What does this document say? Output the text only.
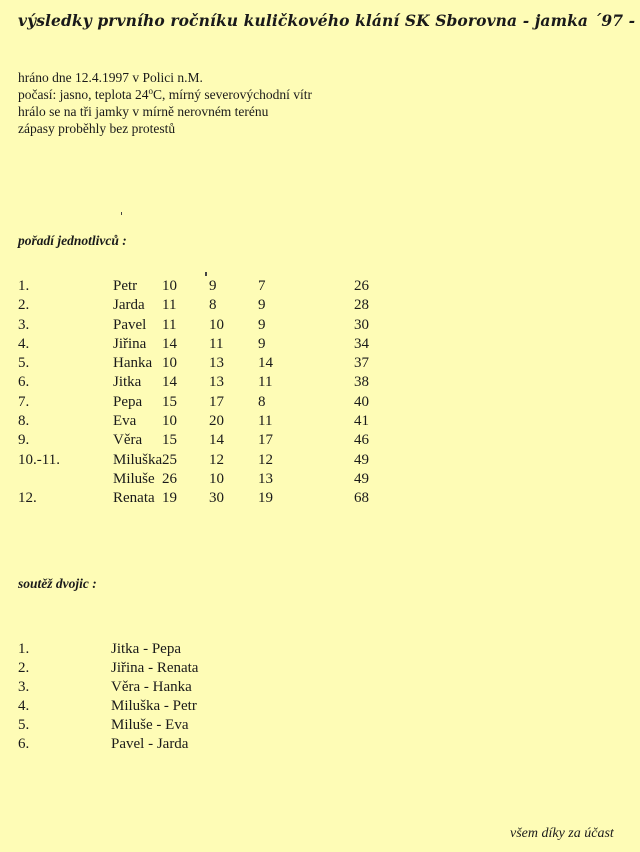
výsledky prvního ročníku kuličkového klání SK Sborovna - jamka ´97 -
hráno dne 12.4.1997 v Polici n.M.
počasí: jasno, teplota 24$^o$C, mírný severovýchodní vítr
hrálo se na tři jamky v mírně nerovném terénu
zápasy proběhly bez protestů
pořadí jednotlivců :
1.	Petr 10 9	7	26
2.	Jarda 11 8	9	28
3.	Pavel 11 10 9	30
4.	Jiřina 14 11 9	34
5.	Hanka 10 13 14	37
6.	Jitka 14 13 11	38
7.	Pepa 15 17 8	40
8.	Eva 10 20 11	41
9.	Věra 15 14 17	46
10.-11.	Miluška 25 12 12	49
Miluše 26 10 13	49
12.	Renata 19 30 19	68
soutěž dvojic :
1.	Jitka - Pepa
2.	Jiřina - Renata
3.	Věra - Hanka
4.	Miluška - Petr
5.	Miluše - Eva
6.	Pavel - Jarda
všem díky za účast
